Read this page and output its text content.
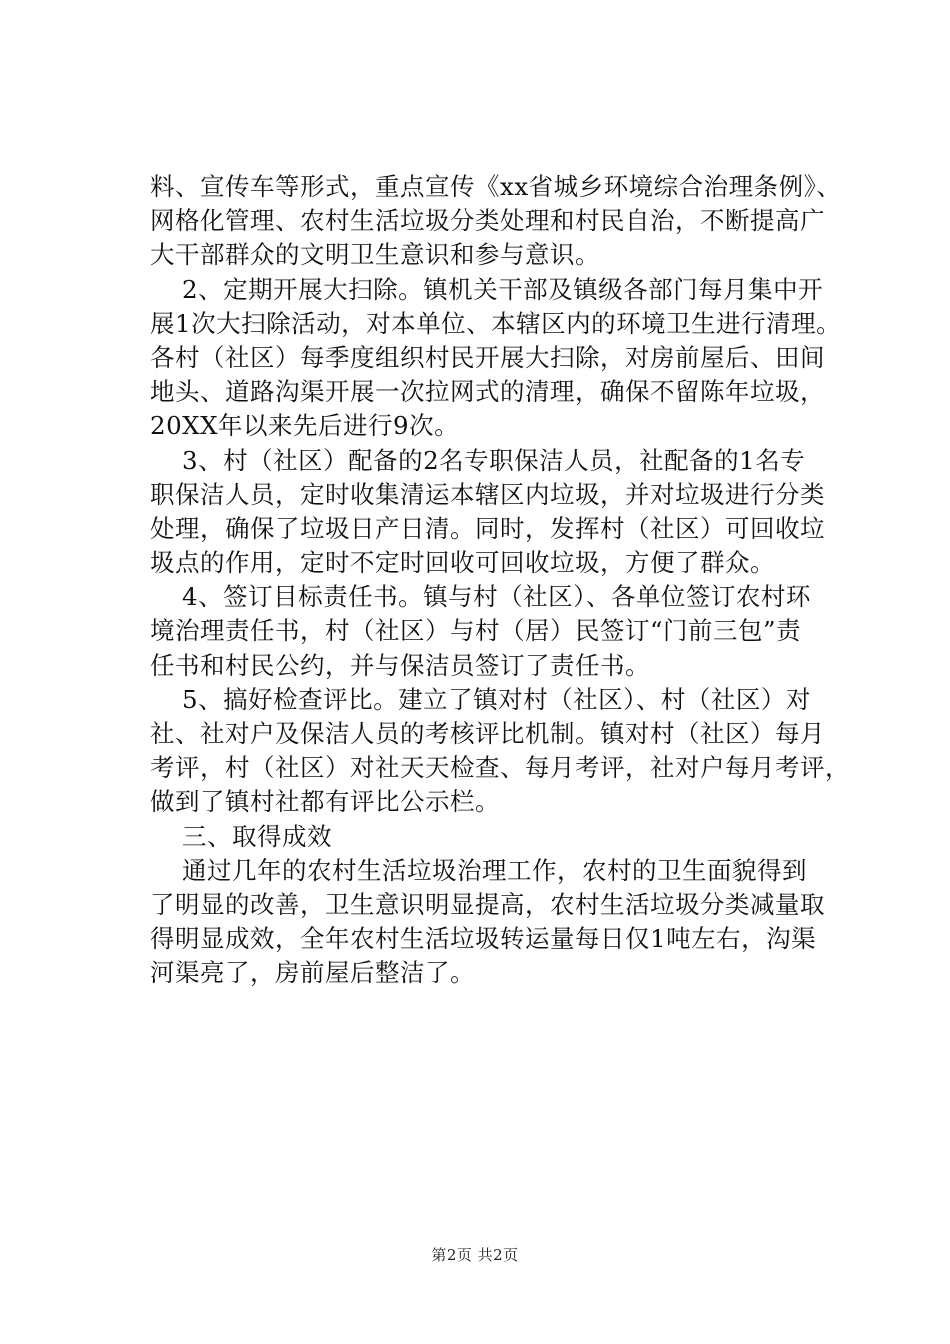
料、宣传车等形式，重点宣传《xx省城乡环境综合治理条例》、
网格化管理、农村生活垃圾分类处理和村民自治，不断提高广
大干部群众的文明卫生意识和参与意识。
2、定期开展大扫除。镇机关干部及镇级各部门每月集中开
展1次大扫除活动，对本单位、本辖区内的环境卫生进行清理。
各村（社区）每季度组织村民开展大扫除，对房前屋后、田间
地头、道路沟渠开展一次拉网式的清理，确保不留陈年垃圾，
20XX年以来先后进行9次。
3、村（社区）配备的2名专职保洁人员，社配备的1名专
职保洁人员，定时收集清运本辖区内垃圾，并对垃圾进行分类
处理，确保了垃圾日产日清。同时，发挥村（社区）可回收垃
圾点的作用，定时不定时回收可回收垃圾，方便了群众。
4、签订目标责任书。镇与村（社区）、各单位签订农村环
境治理责任书，村（社区）与村（居）民签订“门前三包”责
任书和村民公约，并与保洁员签订了责任书。
5、搞好检查评比。建立了镇对村（社区）、村（社区）对
社、社对户及保洁人员的考核评比机制。镇对村（社区）每月
考评，村（社区）对社天天检查、每月考评，社对户每月考评，
做到了镇村社都有评比公示栏。
三、取得成效
通过几年的农村生活垃圾治理工作，农村的卫生面貌得到
了明显的改善，卫生意识明显提高，农村生活垃圾分类减量取
得明显成效，全年农村生活垃圾转运量每日仅1吨左右，沟渠
河渠亮了，房前屋后整洁了。
第2页 共2页
